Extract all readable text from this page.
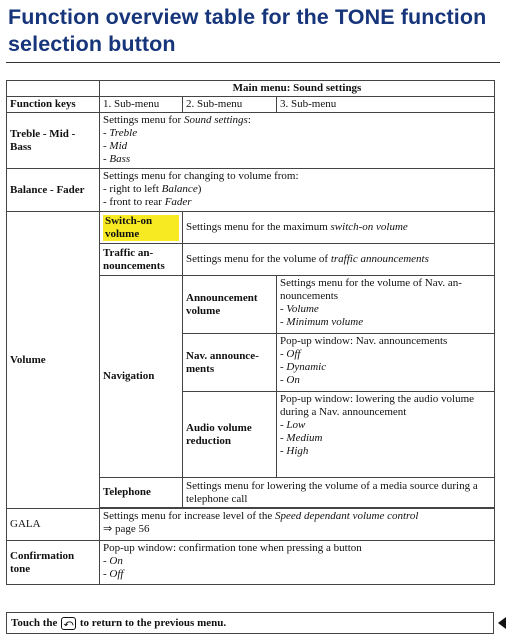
Function overview table for the TONE function selection button
	Main menu: Sound settings		
Function keys	1. Sub-menu	2. Sub-menu	3. Sub-menu
Treble - Mid - Bass	Settings menu for Sound settings:
- Treble
- Mid
- Bass		
Balance - Fader	Settings menu for changing to volume from:
- right to left Balance)
- front to rear Fader		
Volume	Switch-on volume	Settings menu for the maximum switch-on volume	
	Traffic an-nouncements	Settings menu for the volume of traffic announcements	
	Navigation	Announcement volume	Settings menu for the volume of Nav. an-nouncements
- Volume
- Minimum volume
		Nav. announce-ments	Pop-up window: Nav. announcements
- Off
- Dynamic
- On
		Audio volume reduction	Pop-up window: lowering the audio volume during a Nav. announcement
- Low
- Medium
- High
	Telephone	Settings menu for lowering the volume of a media source during a telephone call	

GALA	Settings menu for increase level of the Speed dependant volume control
⇒ page 56		
Confirmation tone	Pop-up window: confirmation tone when pressing a button
- On
- Off		
Touch the ⤺ to return to the previous menu.
